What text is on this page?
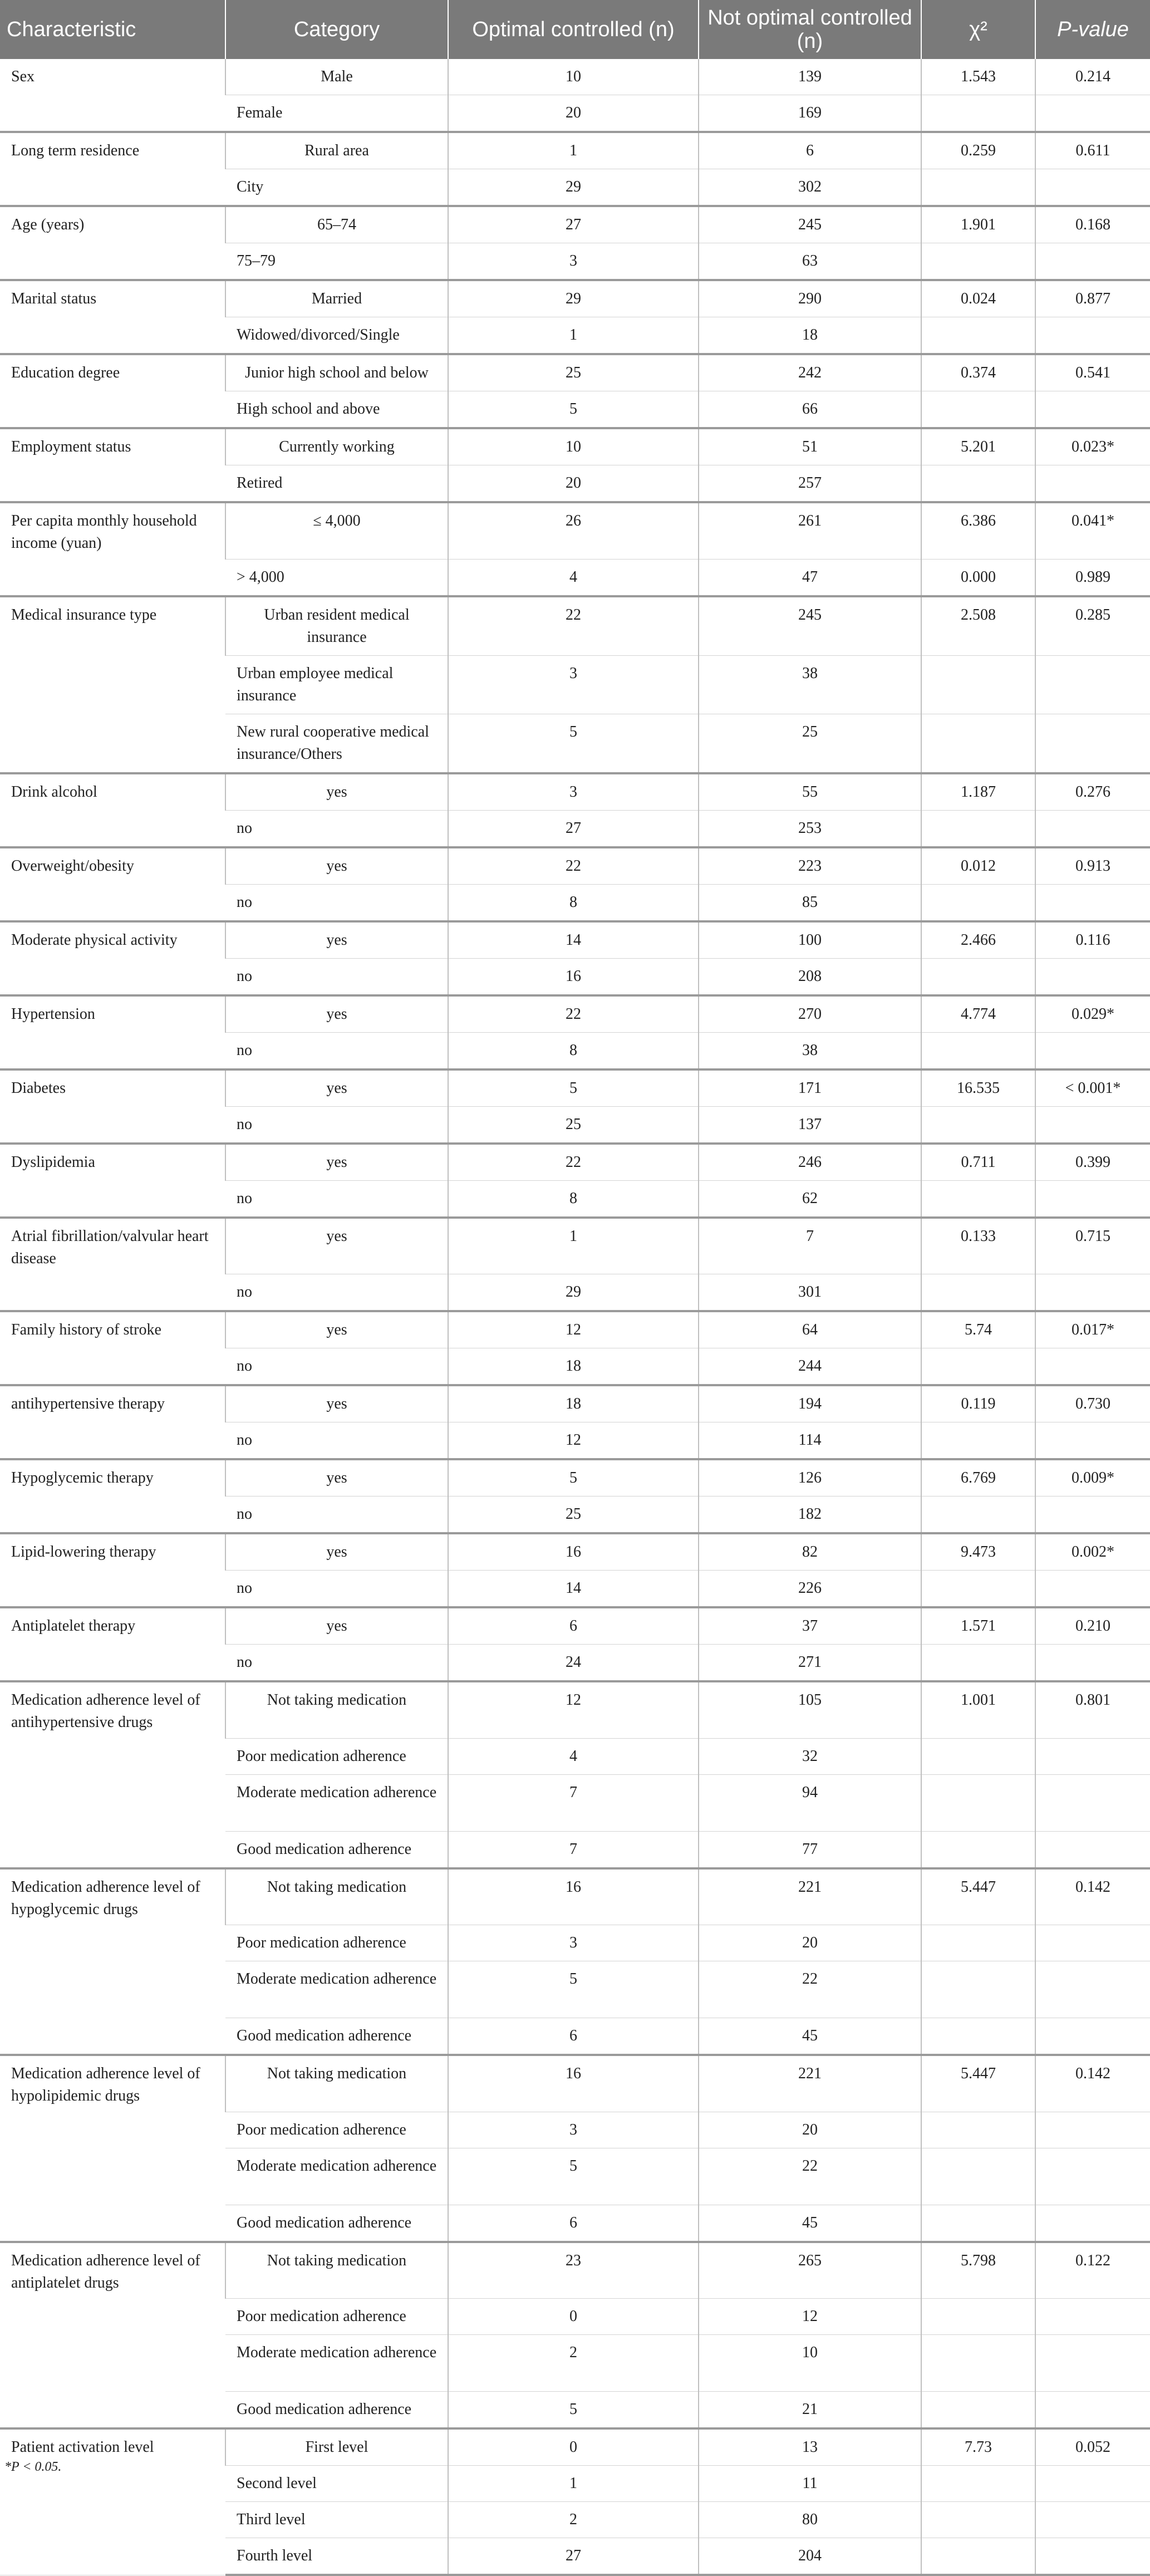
Characteristic	Category	Optimal controlled (n)	Not optimal controlled (n)	χ²	P-value
Sex	Male	10	139	1.543	0.214
	Female	20	169		
Long term residence	Rural area	1	6	0.259	0.611
	City	29	302		
Age (years)	65–74	27	245	1.901	0.168
	75–79	3	63		
Marital status	Married	29	290	0.024	0.877
	Widowed/divorced/Single	1	18		
Education degree	Junior high school and below	25	242	0.374	0.541
	High school and above	5	66		
Employment status	Currently working	10	51	5.201	0.023*
	Retired	20	257		
Per capita monthly household income (yuan)	≤ 4,000	26	261	6.386	0.041*
	> 4,000	4	47	0.000	0.989
Medical insurance type	Urban resident medical insurance	22	245	2.508	0.285
	Urban employee medical insurance	3	38		
	New rural cooperative medical insurance/Others	5	25		
Drink alcohol	yes	3	55	1.187	0.276
	no	27	253		
Overweight/obesity	yes	22	223	0.012	0.913
	no	8	85		
Moderate physical activity	yes	14	100	2.466	0.116
	no	16	208		
Hypertension	yes	22	270	4.774	0.029*
	no	8	38		
Diabetes	yes	5	171	16.535	< 0.001*
	no	25	137		
Dyslipidemia	yes	22	246	0.711	0.399
	no	8	62		
Atrial fibrillation/valvular heart disease	yes	1	7	0.133	0.715
	no	29	301		
Family history of stroke	yes	12	64	5.74	0.017*
	no	18	244		
antihypertensive therapy	yes	18	194	0.119	0.730
	no	12	114		
Hypoglycemic therapy	yes	5	126	6.769	0.009*
	no	25	182		
Lipid-lowering therapy	yes	16	82	9.473	0.002*
	no	14	226		
Antiplatelet therapy	yes	6	37	1.571	0.210
	no	24	271		
Medication adherence level of antihypertensive drugs	Not taking medication	12	105	1.001	0.801
	Poor medication adherence	4	32		
	Moderate medication adherence	7	94		
	Good medication adherence	7	77		
Medication adherence level of hypoglycemic drugs	Not taking medication	16	221	5.447	0.142
	Poor medication adherence	3	20		
	Moderate medication adherence	5	22		
	Good medication adherence	6	45		
Medication adherence level of hypolipidemic drugs	Not taking medication	16	221	5.447	0.142
	Poor medication adherence	3	20		
	Moderate medication adherence	5	22		
	Good medication adherence	6	45		
Medication adherence level of antiplatelet drugs	Not taking medication	23	265	5.798	0.122
	Poor medication adherence	0	12		
	Moderate medication adherence	2	10		
	Good medication adherence	5	21		
Patient activation level	First level	0	13	7.73	0.052
	Second level	1	11		
	Third level	2	80		
	Fourth level	27	204		
*P < 0.05.
